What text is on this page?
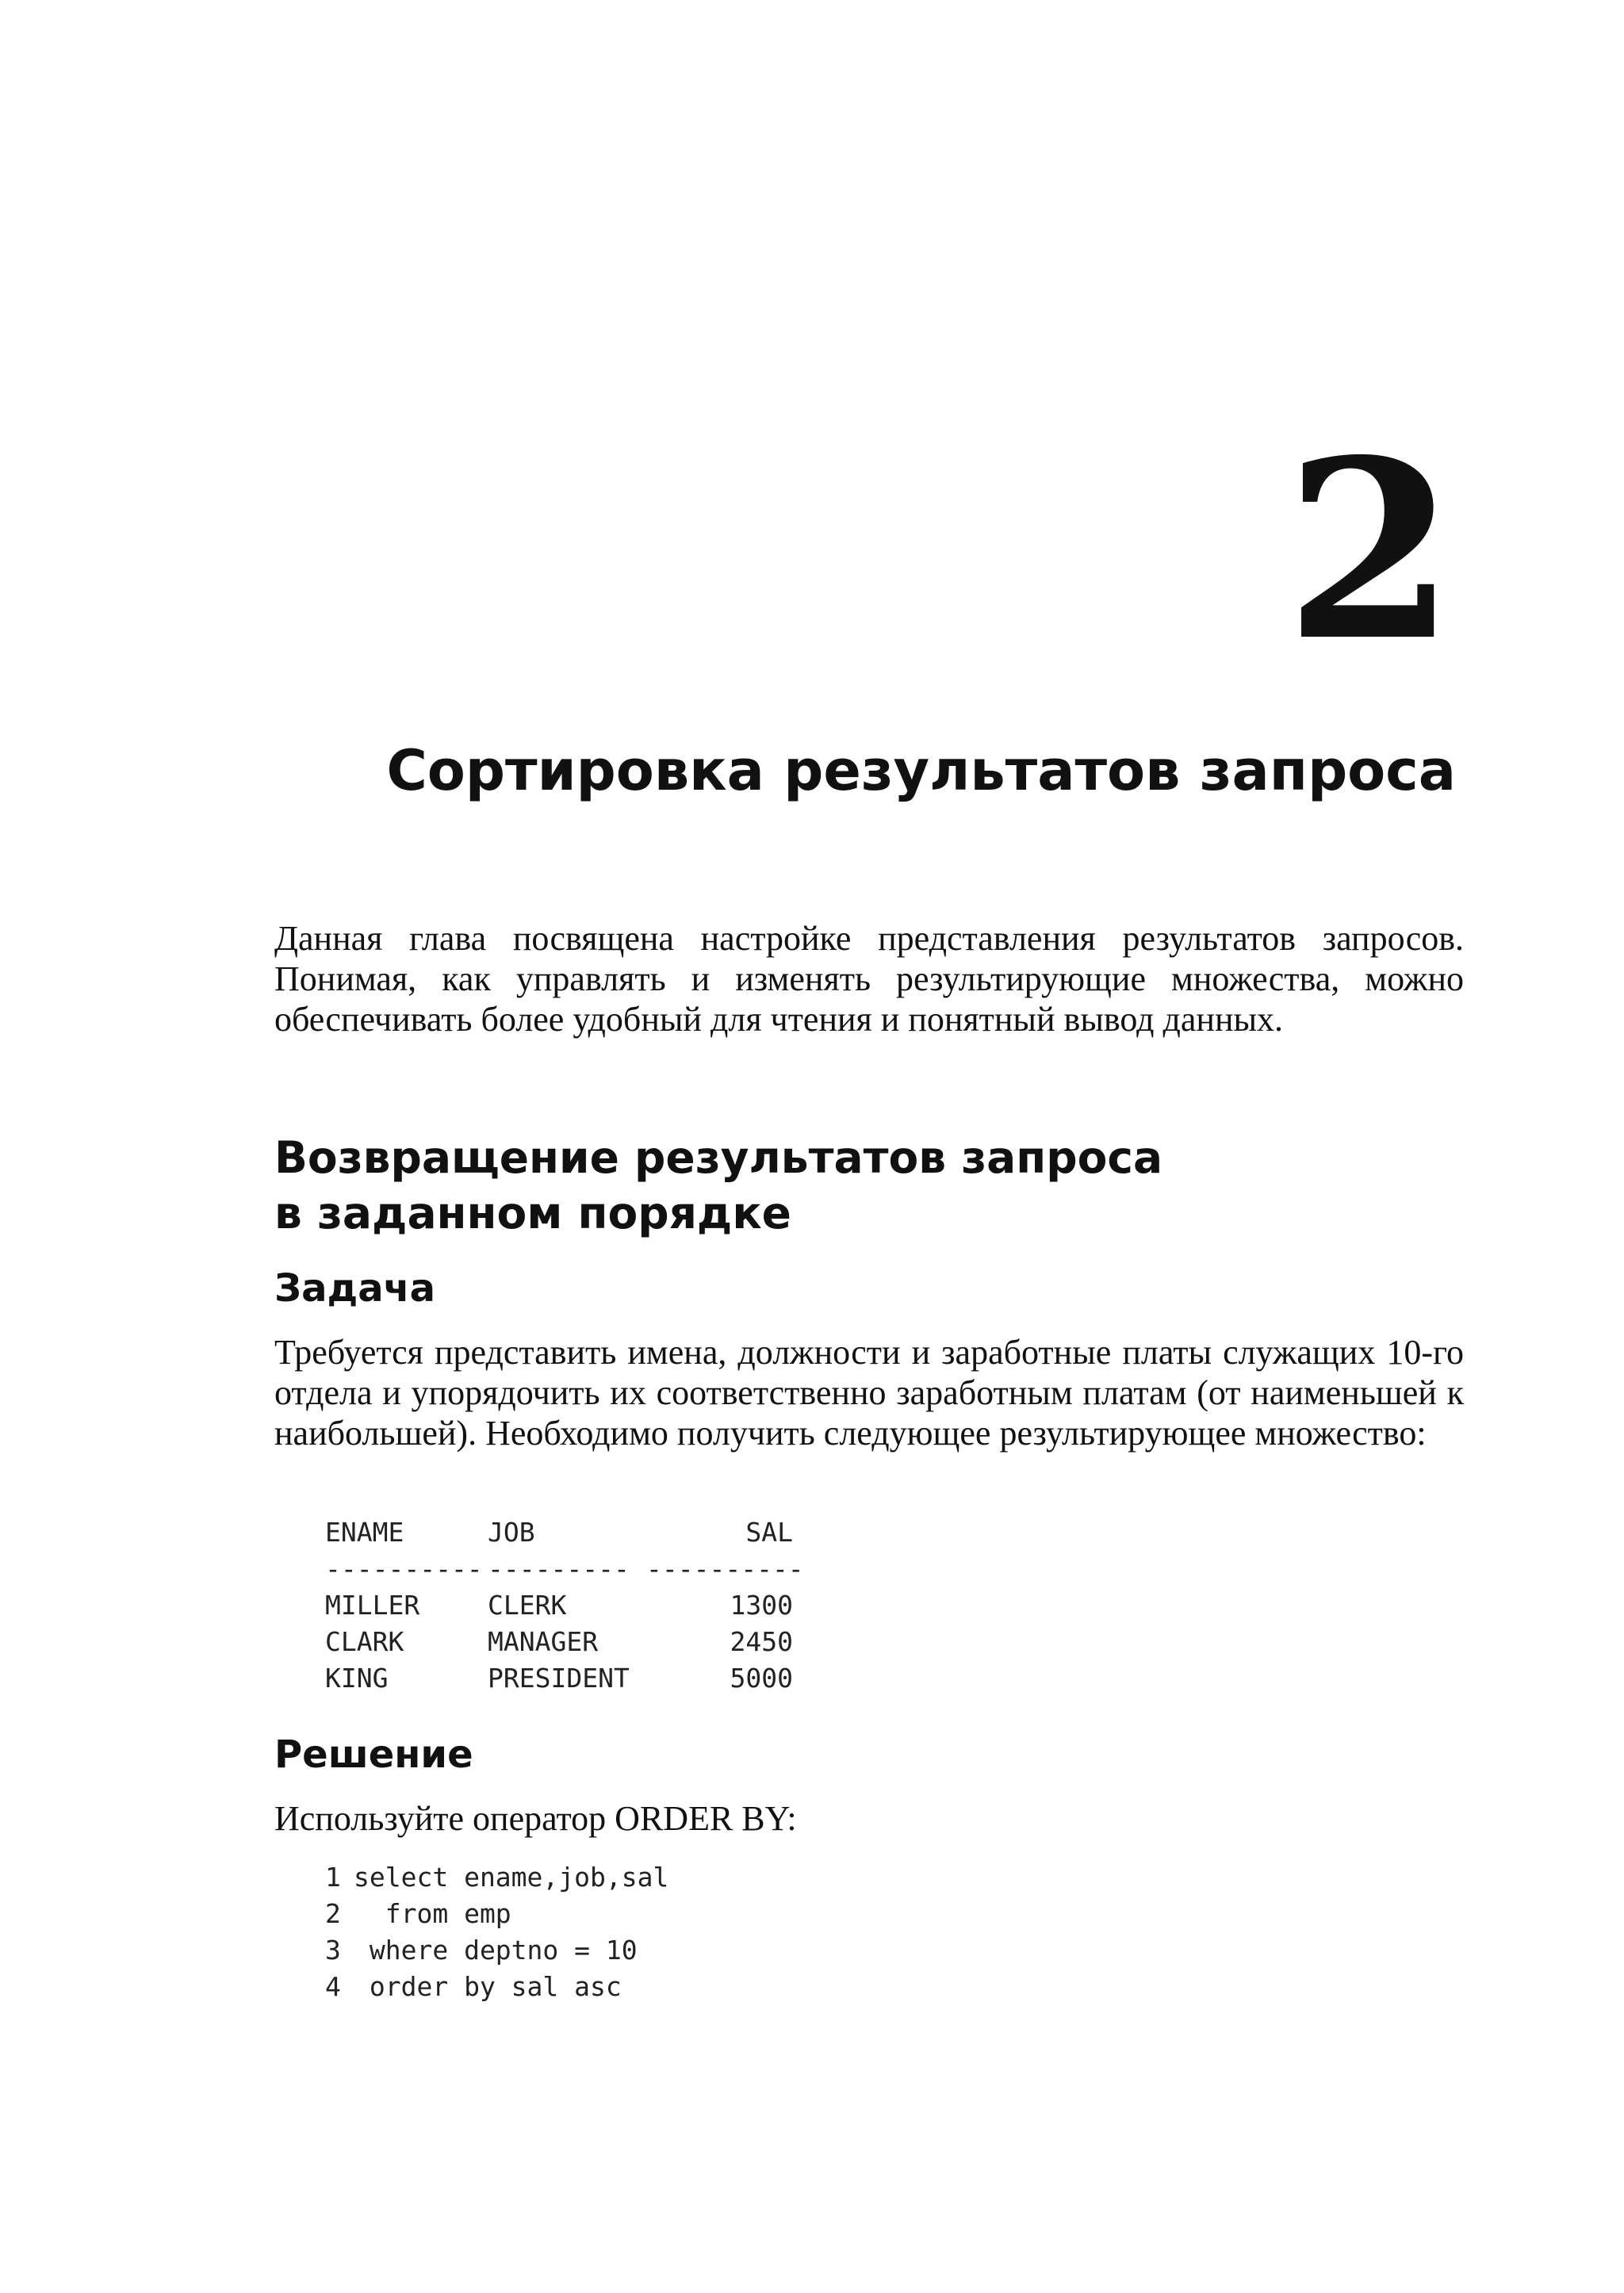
2
Сортировка результатов запроса

Данная глава посвящена настройке представления результатов запросов. Понимая, как управлять и изменять результирующие множества, можно обеспечивать более удобный для чтения и понятный вывод данных.

Возвращение результатов запроса
в заданном порядке
Задача

Требуется представить имена, должности и заработные платы служащих 10-го отдела и упорядочить их соответственно заработным платам (от наименьшей к наибольшей). Необходимо получить следующее результирующее множество:

ENAME	JOB	SAL
---------- --------- ----------
MILLER	CLERK	1300
CLARK	MANAGER	2450
KING	PRESIDENT	5000
Решение

Используйте оператор ORDER BY:

1 select ename,job,sal
2 from emp
3 where deptno = 10
4 order by sal asc
